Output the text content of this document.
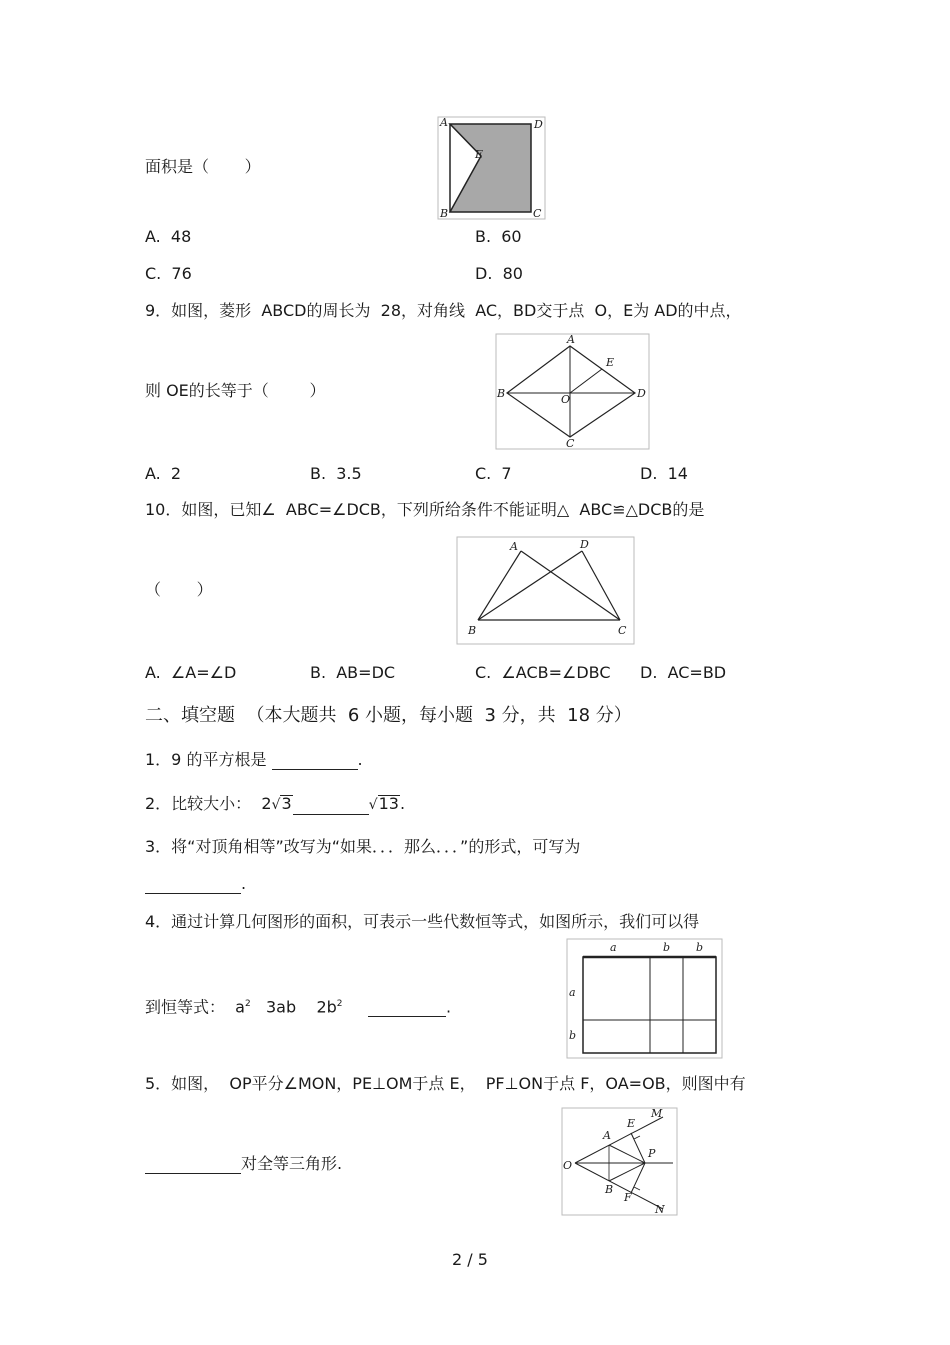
面积是（       ）
A	D
E
B	C
A.  48	B.  60
C.  76	D.  80
9．如图，菱形  ABCD的周长为  28，对角线  AC，BD交于点  O，E为 AD的中点，
则 OE的长等于（        ）
A
E
B	O	D
C
A.  2	B.  3.5	C.  7	D.  14
10．如图，已知∠  ABC=∠DCB，下列所给条件不能证明△  ABC≌△DCB的是
（       ）
A	D
B	C
A.  ∠A=∠D	B.  AB=DC	C.  ∠ACB=∠DBC D.  AC=BD
二、填空题  （本大题共  6 小题，每小题  3 分，共  18 分）
1．9 的平方根是	.
2．比较大小：  2√3	√13.
3．将“对顶角相等”改写为“如果．．．那么．．．”的形式，可写为
.
4．通过计算几何图形的面积，可表示一些代数恒等式，如图所示，我们可以得
到恒等式：  $a^2$   3ab    $2b^2$	.
a	b b
a
b
5．如图，  OP平分∠MON，PE⊥OM于点 E，  PF⊥ON于点 F，OA=OB，则图中有
对全等三角形.
M
E
A
O
P
B
F
N
2 / 5
